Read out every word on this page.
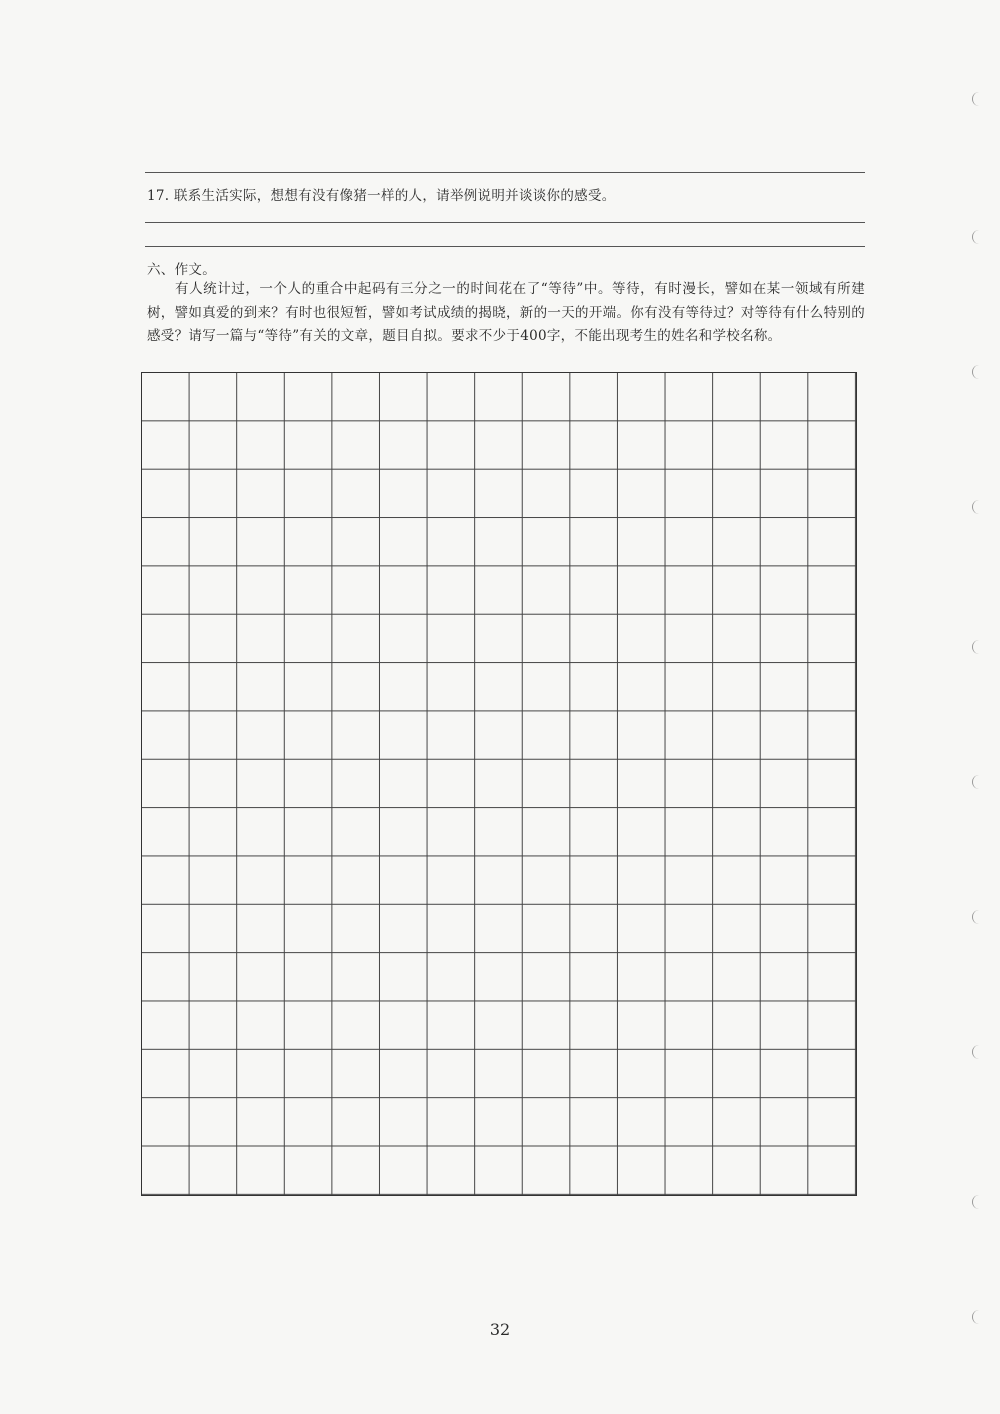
17. 联系生活实际，想想有没有像猪一样的人，请举例说明并谈谈你的感受。
六、作文。
有人统计过，一个人的重合中起码有三分之一的时间花在了“等待”中。等待，有时漫长，譬如在某一领域有所建树，譬如真爱的到来？有时也很短暂，譬如考试成绩的揭晓，新的一天的开端。你有没有等待过？对等待有什么特别的感受？请写一篇与“等待”有关的文章，题目自拟。要求不少于400字，不能出现考生的姓名和学校名称。
32
